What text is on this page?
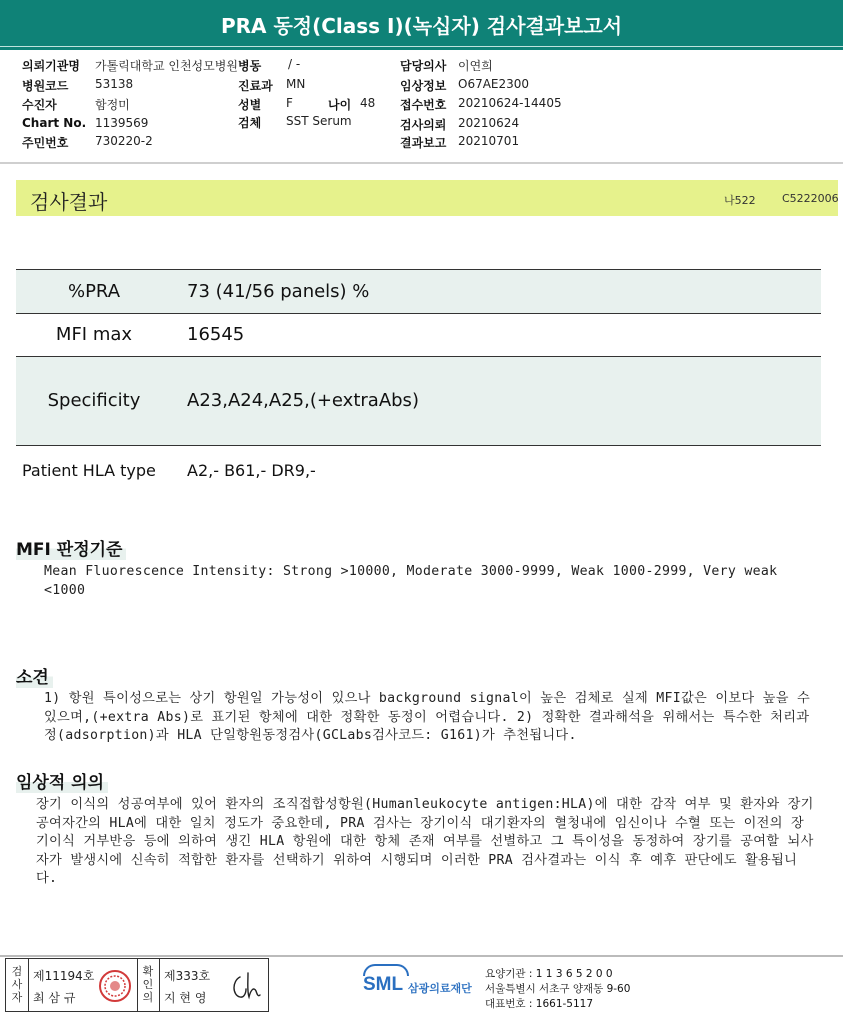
PRA 동정(Class I)(녹십자) 검사결과보고서
의뢰기관명 가톨릭대학교 인천성모병원 병동 / -	담당의사 이연희
병원코드 53138	진료과 MN	임상정보 O67AE2300
수진자	함정미	성별 F	나이 48 접수번호 20210624-14405
Chart No. 1139569	검체 SST Serum	검사의뢰 20210624
주민번호 730220-2	결과보고 20210701
검사결과	나522 C5222006
%PRA	73 (41/56 panels) %
MFI max	16545
Specificity	A23,A24,A25,(+extraAbs)
Patient HLA type	A2,- B61,- DR9,-
MFI 판정기준
Mean Fluorescence Intensity: Strong >10000, Moderate 3000-9999, Weak 1000-2999, Very weak <1000
소견
1) 항원 특이성으로는 상기 항원일 가능성이 있으나 background signal이 높은 검체로 실제 MFI값은 이보다 높을 수 있으며,(+extra Abs)로 표기된 항체에 대한 정확한 동정이 어렵습니다. 2) 정확한 결과해석을 위해서는 특수한 처리과정(adsorption)과 HLA 단일항원동정검사(GCLabs검사코드: G161)가 추천됩니다.
임상적 의의
장기 이식의 성공여부에 있어 환자의 조직접합성항원(Humanleukocyte antigen:HLA)에 대한 감작 여부 및 환자와 장기공여자간의 HLA에 대한 일치 정도가 중요한데, PRA 검사는 장기이식 대기환자의 혈청내에 임신이나 수혈 또는 이전의 장기이식 거부반응 등에 의하여 생긴 HLA 항원에 대한 항체 존재 여부를 선별하고 그 특이성을 동정하여 장기를 공여할 뇌사자가 발생시에 신속히 적합한 환자를 선택하기 위하여 시행되며 이러한 PRA 검사결과는 이식 후 예후 판단에도 활용됩니다.
검사자
제11194호
최 삼 규
확인의
제333호
지 현 영
SML 삼광의료재단
요양기관 : 1 1 3 6 5 2 0 0
서울특별시 서초구 양재동 9-60
대표번호 : 1661-5117
